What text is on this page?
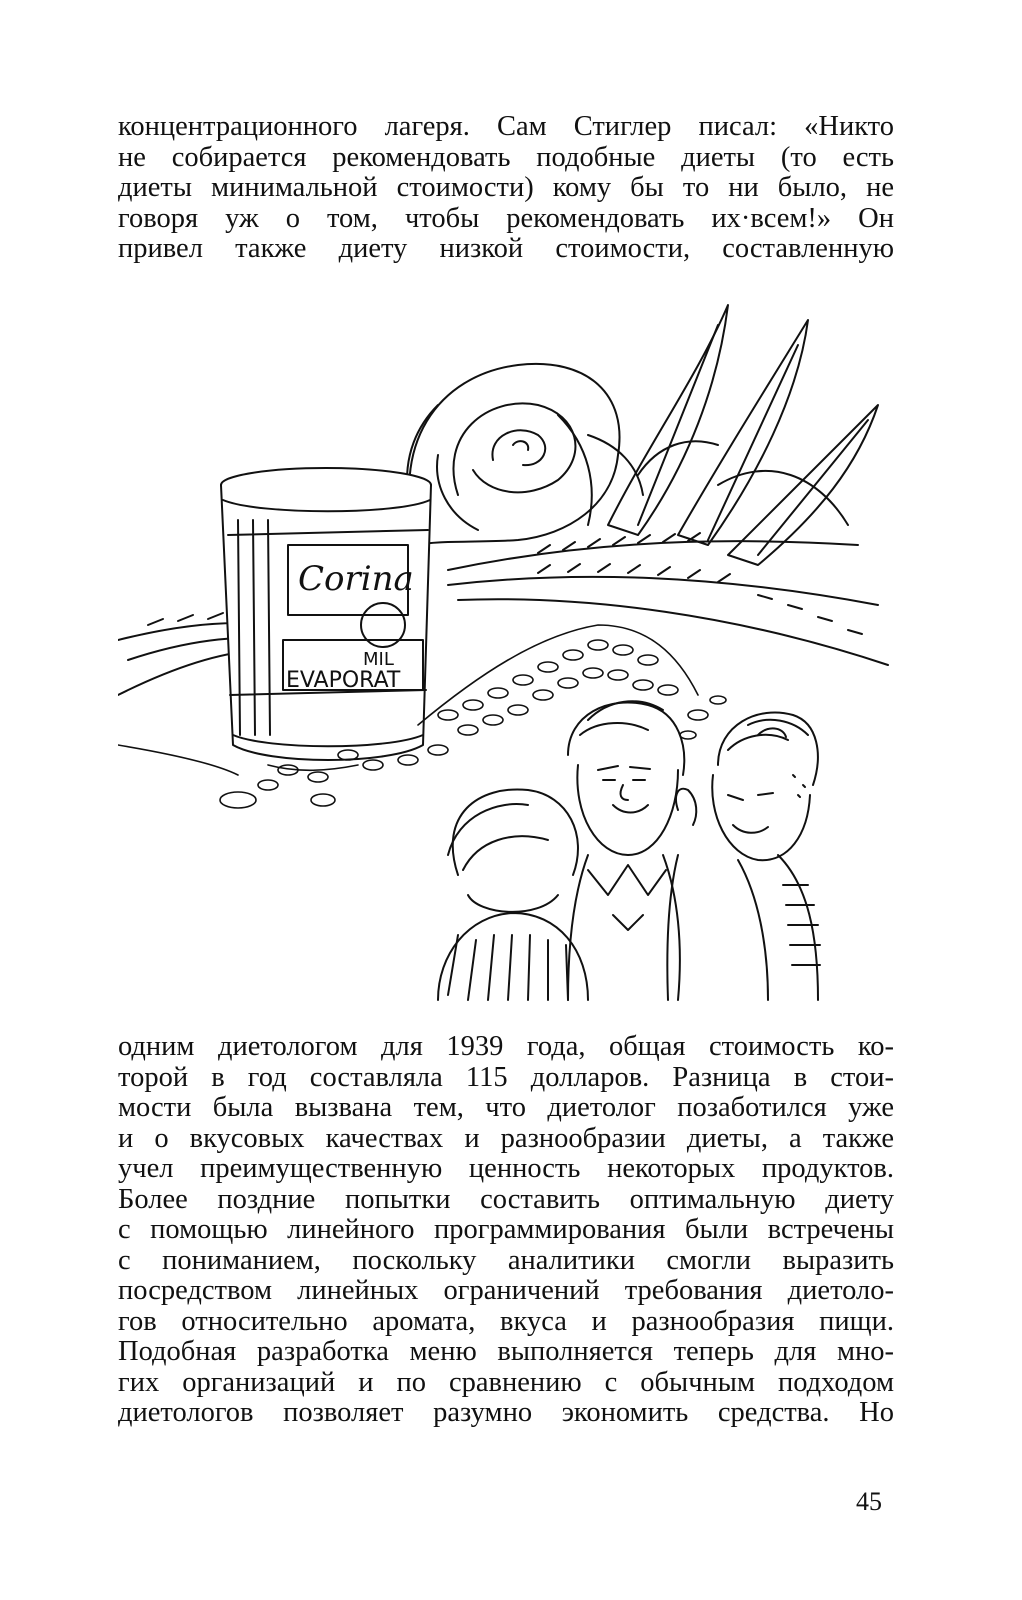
концентрационного лагеря. Сам Стиглер писал: «Никто
не собирается рекомендовать подобные диеты (то есть
диеты минимальной стоимости) кому бы то ни было, не
говоря уж о том, чтобы рекомендовать их·всем!» Он
привел также диету низкой стоимости, составленную
Corina
MIL
EVAPORAT
одним диетологом для 1939 года, общая стоимость ко-
торой в год составляла 115 долларов. Разница в стои-
мости была вызвана тем, что диетолог позаботился уже
и о вкусовых качествах и разнообразии диеты, а также
учел преимущественную ценность некоторых продуктов.
Более поздние попытки составить оптимальную диету
с помощью линейного программирования были встречены
с пониманием, поскольку аналитики смогли выразить
посредством линейных ограничений требования диетоло-
гов относительно аромата, вкуса и разнообразия пищи.
Подобная разработка меню выполняется теперь для мно-
гих организаций и по сравнению с обычным подходом
диетологов позволяет разумно экономить средства. Но
45
